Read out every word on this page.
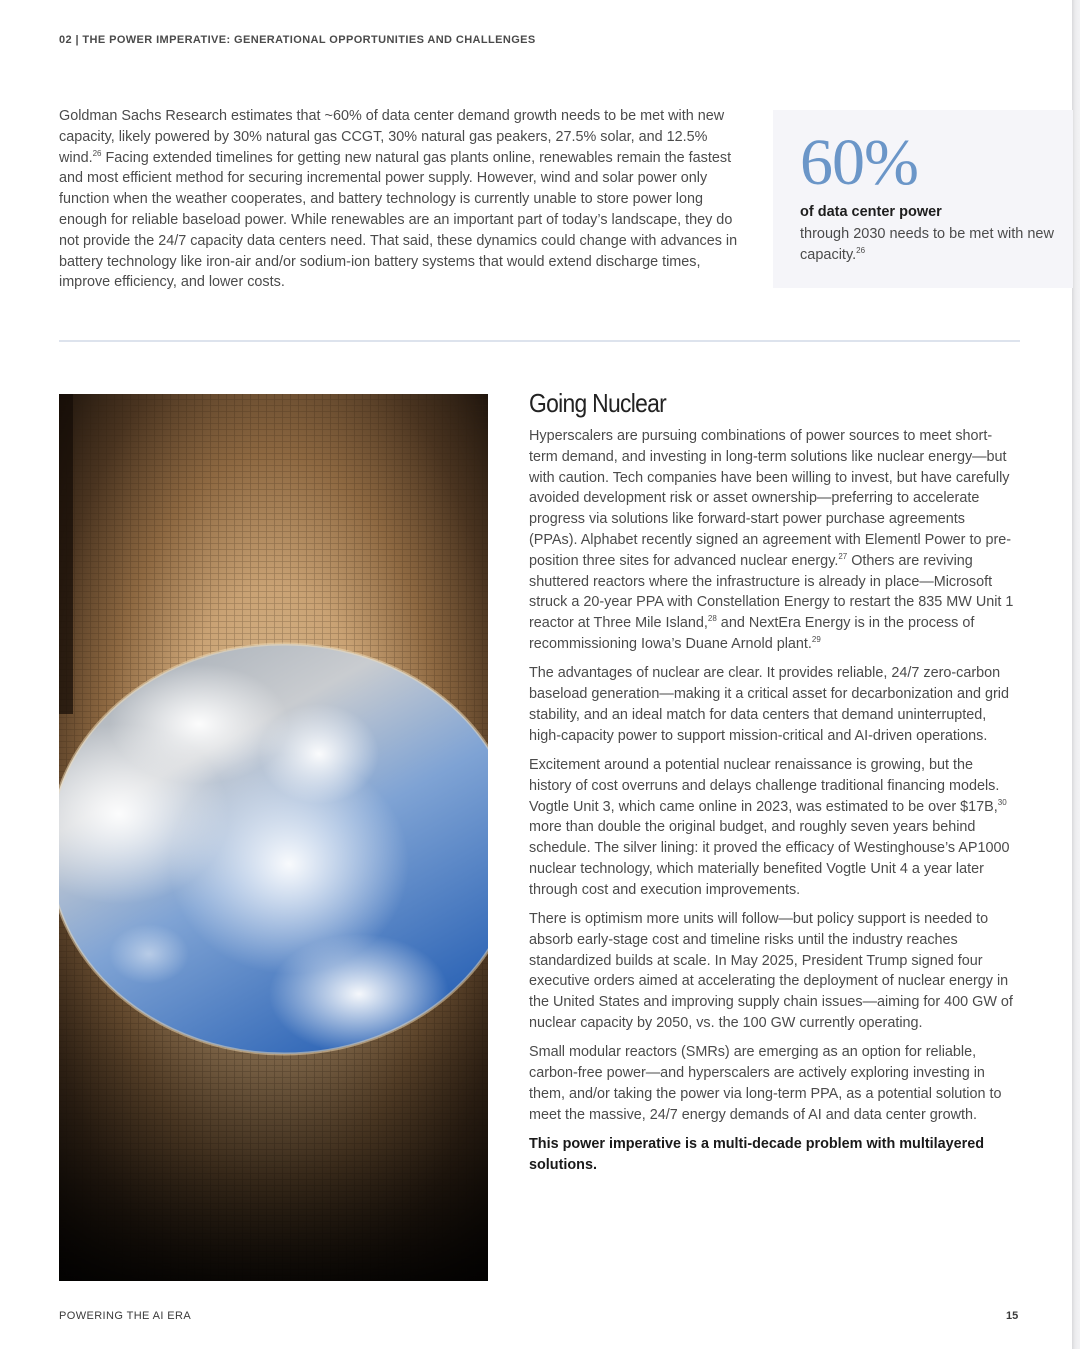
02 | THE POWER IMPERATIVE: GENERATIONAL OPPORTUNITIES AND CHALLENGES
Goldman Sachs Research estimates that ~60% of data center demand growth needs to be met with new capacity, likely powered by 30% natural gas CCGT, 30% natural gas peakers, 27.5% solar, and 12.5% wind.$^{26}$ Facing extended timelines for getting new natural gas plants online, renewables remain the fastest and most efficient method for securing incremental power supply. However, wind and solar power only function when the weather cooperates, and battery technology is currently unable to store power long enough for reliable baseload power. While renewables are an important part of today’s landscape, they do not provide the 24/7 capacity data centers need. That said, these dynamics could change with advances in battery technology like iron-air and/or sodium-ion battery systems that would extend discharge times, improve efficiency, and lower costs.
60%
of data center power
through 2030 needs to be met with new capacity.$^{26}$
Going Nuclear

Hyperscalers are pursuing combinations of power sources to meet short-term demand, and investing in long-term solutions like nuclear energy—but with caution. Tech companies have been willing to invest, but have carefully avoided development risk or asset ownership—preferring to accelerate progress via solutions like forward-start power purchase agreements (PPAs). Alphabet recently signed an agreement with Elementl Power to pre-position three sites for advanced nuclear energy.$^{27}$ Others are reviving shuttered reactors where the infrastructure is already in place—Microsoft struck a 20-year PPA with Constellation Energy to restart the 835 MW Unit 1 reactor at Three Mile Island,$^{28}$ and NextEra Energy is in the process of recommissioning Iowa’s Duane Arnold plant.$^{29}$

The advantages of nuclear are clear. It provides reliable, 24/7 zero-carbon baseload generation—making it a critical asset for decarbonization and grid stability, and an ideal match for data centers that demand uninterrupted, high-capacity power to support mission-critical and AI-driven operations.

Excitement around a potential nuclear renaissance is growing, but the history of cost overruns and delays challenge traditional financing models. Vogtle Unit 3, which came online in 2023, was estimated to be over $17B,$^{30}$ more than double the original budget, and roughly seven years behind schedule. The silver lining: it proved the efficacy of Westinghouse’s AP1000 nuclear technology, which materially benefited Vogtle Unit 4 a year later through cost and execution improvements.

There is optimism more units will follow—but policy support is needed to absorb early-stage cost and timeline risks until the industry reaches standardized builds at scale. In May 2025, President Trump signed four executive orders aimed at accelerating the deployment of nuclear energy in the United States and improving supply chain issues—aiming for 400 GW of nuclear capacity by 2050, vs. the 100 GW currently operating.

Small modular reactors (SMRs) are emerging as an option for reliable, carbon-free power—and hyperscalers are actively exploring investing in them, and/or taking the power via long-term PPA, as a potential solution to meet the massive, 24/7 energy demands of AI and data center growth.

This power imperative is a multi-decade problem with multilayered solutions.

POWERING THE AI ERA	15
